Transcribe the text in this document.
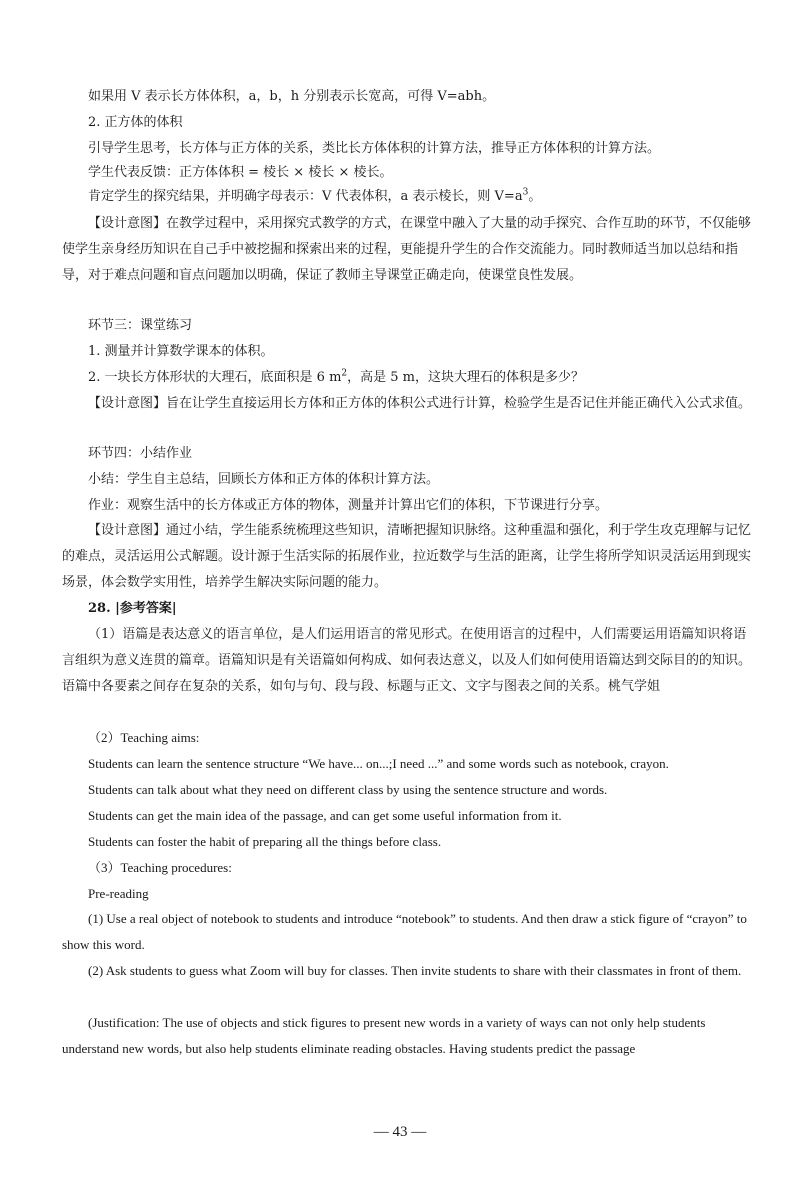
如果用 V 表示长方体体积，a，b，h 分别表示长宽高，可得 V=abh。

2. 正方体的体积

引导学生思考，长方体与正方体的关系，类比长方体体积的计算方法，推导正方体体积的计算方法。

学生代表反馈：正方体体积 = 棱长 × 棱长 × 棱长。

肯定学生的探究结果，并明确字母表示：V 代表体积，a 表示棱长，则 $V=a^3$。

【设计意图】在教学过程中，采用探究式教学的方式，在课堂中融入了大量的动手探究、合作互助的环节，不仅能够使学生亲身经历知识在自己手中被挖掘和探索出来的过程，更能提升学生的合作交流能力。同时教师适当加以总结和指导，对于难点问题和盲点问题加以明确，保证了教师主导课堂正确走向，使课堂良性发展。

环节三：课堂练习

1. 测量并计算数学课本的体积。

2. 一块长方体形状的大理石，底面积是 6 $m^2$，高是 5 m，这块大理石的体积是多少？

【设计意图】旨在让学生直接运用长方体和正方体的体积公式进行计算，检验学生是否记住并能正确代入公式求值。

环节四：小结作业

小结：学生自主总结，回顾长方体和正方体的体积计算方法。

作业：观察生活中的长方体或正方体的物体，测量并计算出它们的体积，下节课进行分享。

【设计意图】通过小结，学生能系统梳理这些知识，清晰把握知识脉络。这种重温和强化，利于学生攻克理解与记忆的难点，灵活运用公式解题。设计源于生活实际的拓展作业，拉近数学与生活的距离，让学生将所学知识灵活运用到现实场景，体会数学实用性，培养学生解决实际问题的能力。

28. |参考答案|

（1）语篇是表达意义的语言单位，是人们运用语言的常见形式。在使用语言的过程中，人们需要运用语篇知识将语言组织为意义连贯的篇章。语篇知识是有关语篇如何构成、如何表达意义，以及人们如何使用语篇达到交际目的的知识。语篇中各要素之间存在复杂的关系，如句与句、段与段、标题与正文、文字与图表之间的关系。桃气学姐

（2）Teaching aims:

Students can learn the sentence structure “We have... on...;I need ...” and some words such as notebook, crayon.

Students can talk about what they need on different class by using the sentence structure and words.

Students can get the main idea of the passage, and can get some useful information from it.

Students can foster the habit of preparing all the things before class.

（3）Teaching procedures:

Pre-reading

(1) Use a real object of notebook to students and introduce “notebook” to students. And then draw a stick figure of “crayon” to show this word.

(2) Ask students to guess what Zoom will buy for classes. Then invite students to share with their classmates in front of them.

(Justification: The use of objects and stick figures to present new words in a variety of ways can not only help students understand new words, but also help students eliminate reading obstacles. Having students predict the passage

— 43 —
